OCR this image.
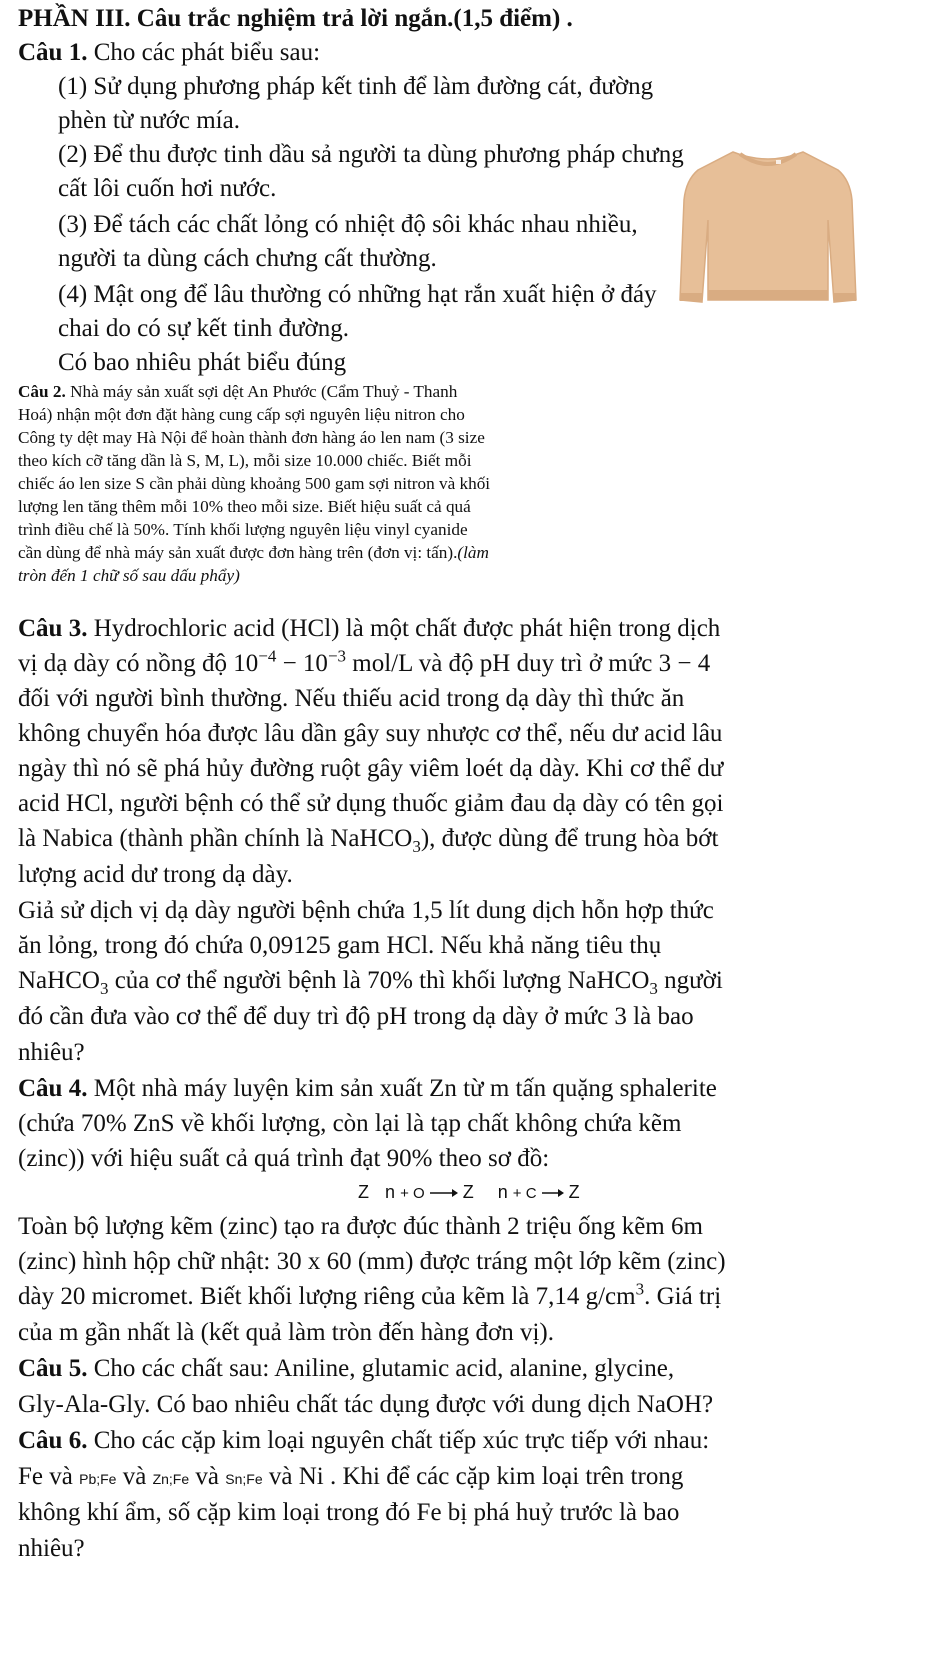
PHẦN III. Câu trắc nghiệm trả lời ngắn.(1,5 điểm) .
Câu 1. Cho các phát biểu sau:
(1) Sử dụng phương pháp kết tinh để làm đường cát, đường
phèn từ nước mía.
(2) Để thu được tinh dầu sả người ta dùng phương pháp chưng
cất lôi cuốn hơi nước.
(3) Để tách các chất lỏng có nhiệt độ sôi khác nhau nhiều,
người ta dùng cách chưng cất thường.
(4) Mật ong để lâu thường có những hạt rắn xuất hiện ở đáy
chai do có sự kết tinh đường.
Có bao nhiêu phát biểu đúng
Câu 2. Nhà máy sản xuất sợi dệt An Phước (Cẩm Thuỷ - Thanh
Hoá) nhận một đơn đặt hàng cung cấp sợi nguyên liệu nitron cho
Công ty dệt may Hà Nội để hoàn thành đơn hàng áo len nam (3 size
theo kích cỡ tăng dần là S, M, L), mỗi size 10.000 chiếc. Biết mỗi
chiếc áo len size S cần phải dùng khoảng 500 gam sợi nitron và khối
lượng len tăng thêm mỗi 10% theo mỗi size. Biết hiệu suất cả quá
trình điều chế là 50%. Tính khối lượng nguyên liệu vinyl cyanide
cần dùng để nhà máy sản xuất được đơn hàng trên (đơn vị: tấn).(làm
tròn đến 1 chữ số sau dấu phẩy)
Câu 3. Hydrochloric acid (HCl) là một chất được phát hiện trong dịch
vị dạ dày có nồng độ $10^{-4} - 10^{-3}$ mol/L và độ pH duy trì ở mức 3 − 4
đối với người bình thường. Nếu thiếu acid trong dạ dày thì thức ăn
không chuyển hóa được lâu dần gây suy nhược cơ thể, nếu dư acid lâu
ngày thì nó sẽ phá hủy đường ruột gây viêm loét dạ dày. Khi cơ thể dư
acid HCl, người bệnh có thể sử dụng thuốc giảm đau dạ dày có tên gọi
là Nabica (thành phần chính là NaHCO$_3$), được dùng để trung hòa bớt
lượng acid dư trong dạ dày.
Giả sử dịch vị dạ dày người bệnh chứa 1,5 lít dung dịch hỗn hợp thức
ăn lỏng, trong đó chứa 0,09125 gam HCl. Nếu khả năng tiêu thụ
NaHCO$_3$ của cơ thể người bệnh là 70% thì khối lượng NaHCO$_3$ người
đó cần đưa vào cơ thể để duy trì độ pH trong dạ dày ở mức 3 là bao
nhiêu?
Câu 4. Một nhà máy luyện kim sản xuất Zn từ m tấn quặng sphalerite
(chứa 70% ZnS về khối lượng, còn lại là tạp chất không chứa kẽm
(zinc)) với hiệu suất cả quá trình đạt 90% theo sơ đồ:
Z n + O Z n + C Z
Toàn bộ lượng kẽm (zinc) tạo ra được đúc thành 2 triệu ống kẽm 6m
(zinc) hình hộp chữ nhật: 30 x 60 (mm) được tráng một lớp kẽm (zinc)
dày 20 micromet. Biết khối lượng riêng của kẽm là 7,14 $g/cm^3$. Giá trị
của m gần nhất là (kết quả làm tròn đến hàng đơn vị).
Câu 5. Cho các chất sau: Aniline, glutamic acid, alanine, glycine,
Gly-Ala-Gly. Có bao nhiêu chất tác dụng được với dung dịch NaOH?
Câu 6. Cho các cặp kim loại nguyên chất tiếp xúc trực tiếp với nhau:
Fe và Pb;Fe và Zn;Fe và Sn;Fe và Ni . Khi để các cặp kim loại trên trong
không khí ẩm, số cặp kim loại trong đó Fe bị phá huỷ trước là bao
nhiêu?
